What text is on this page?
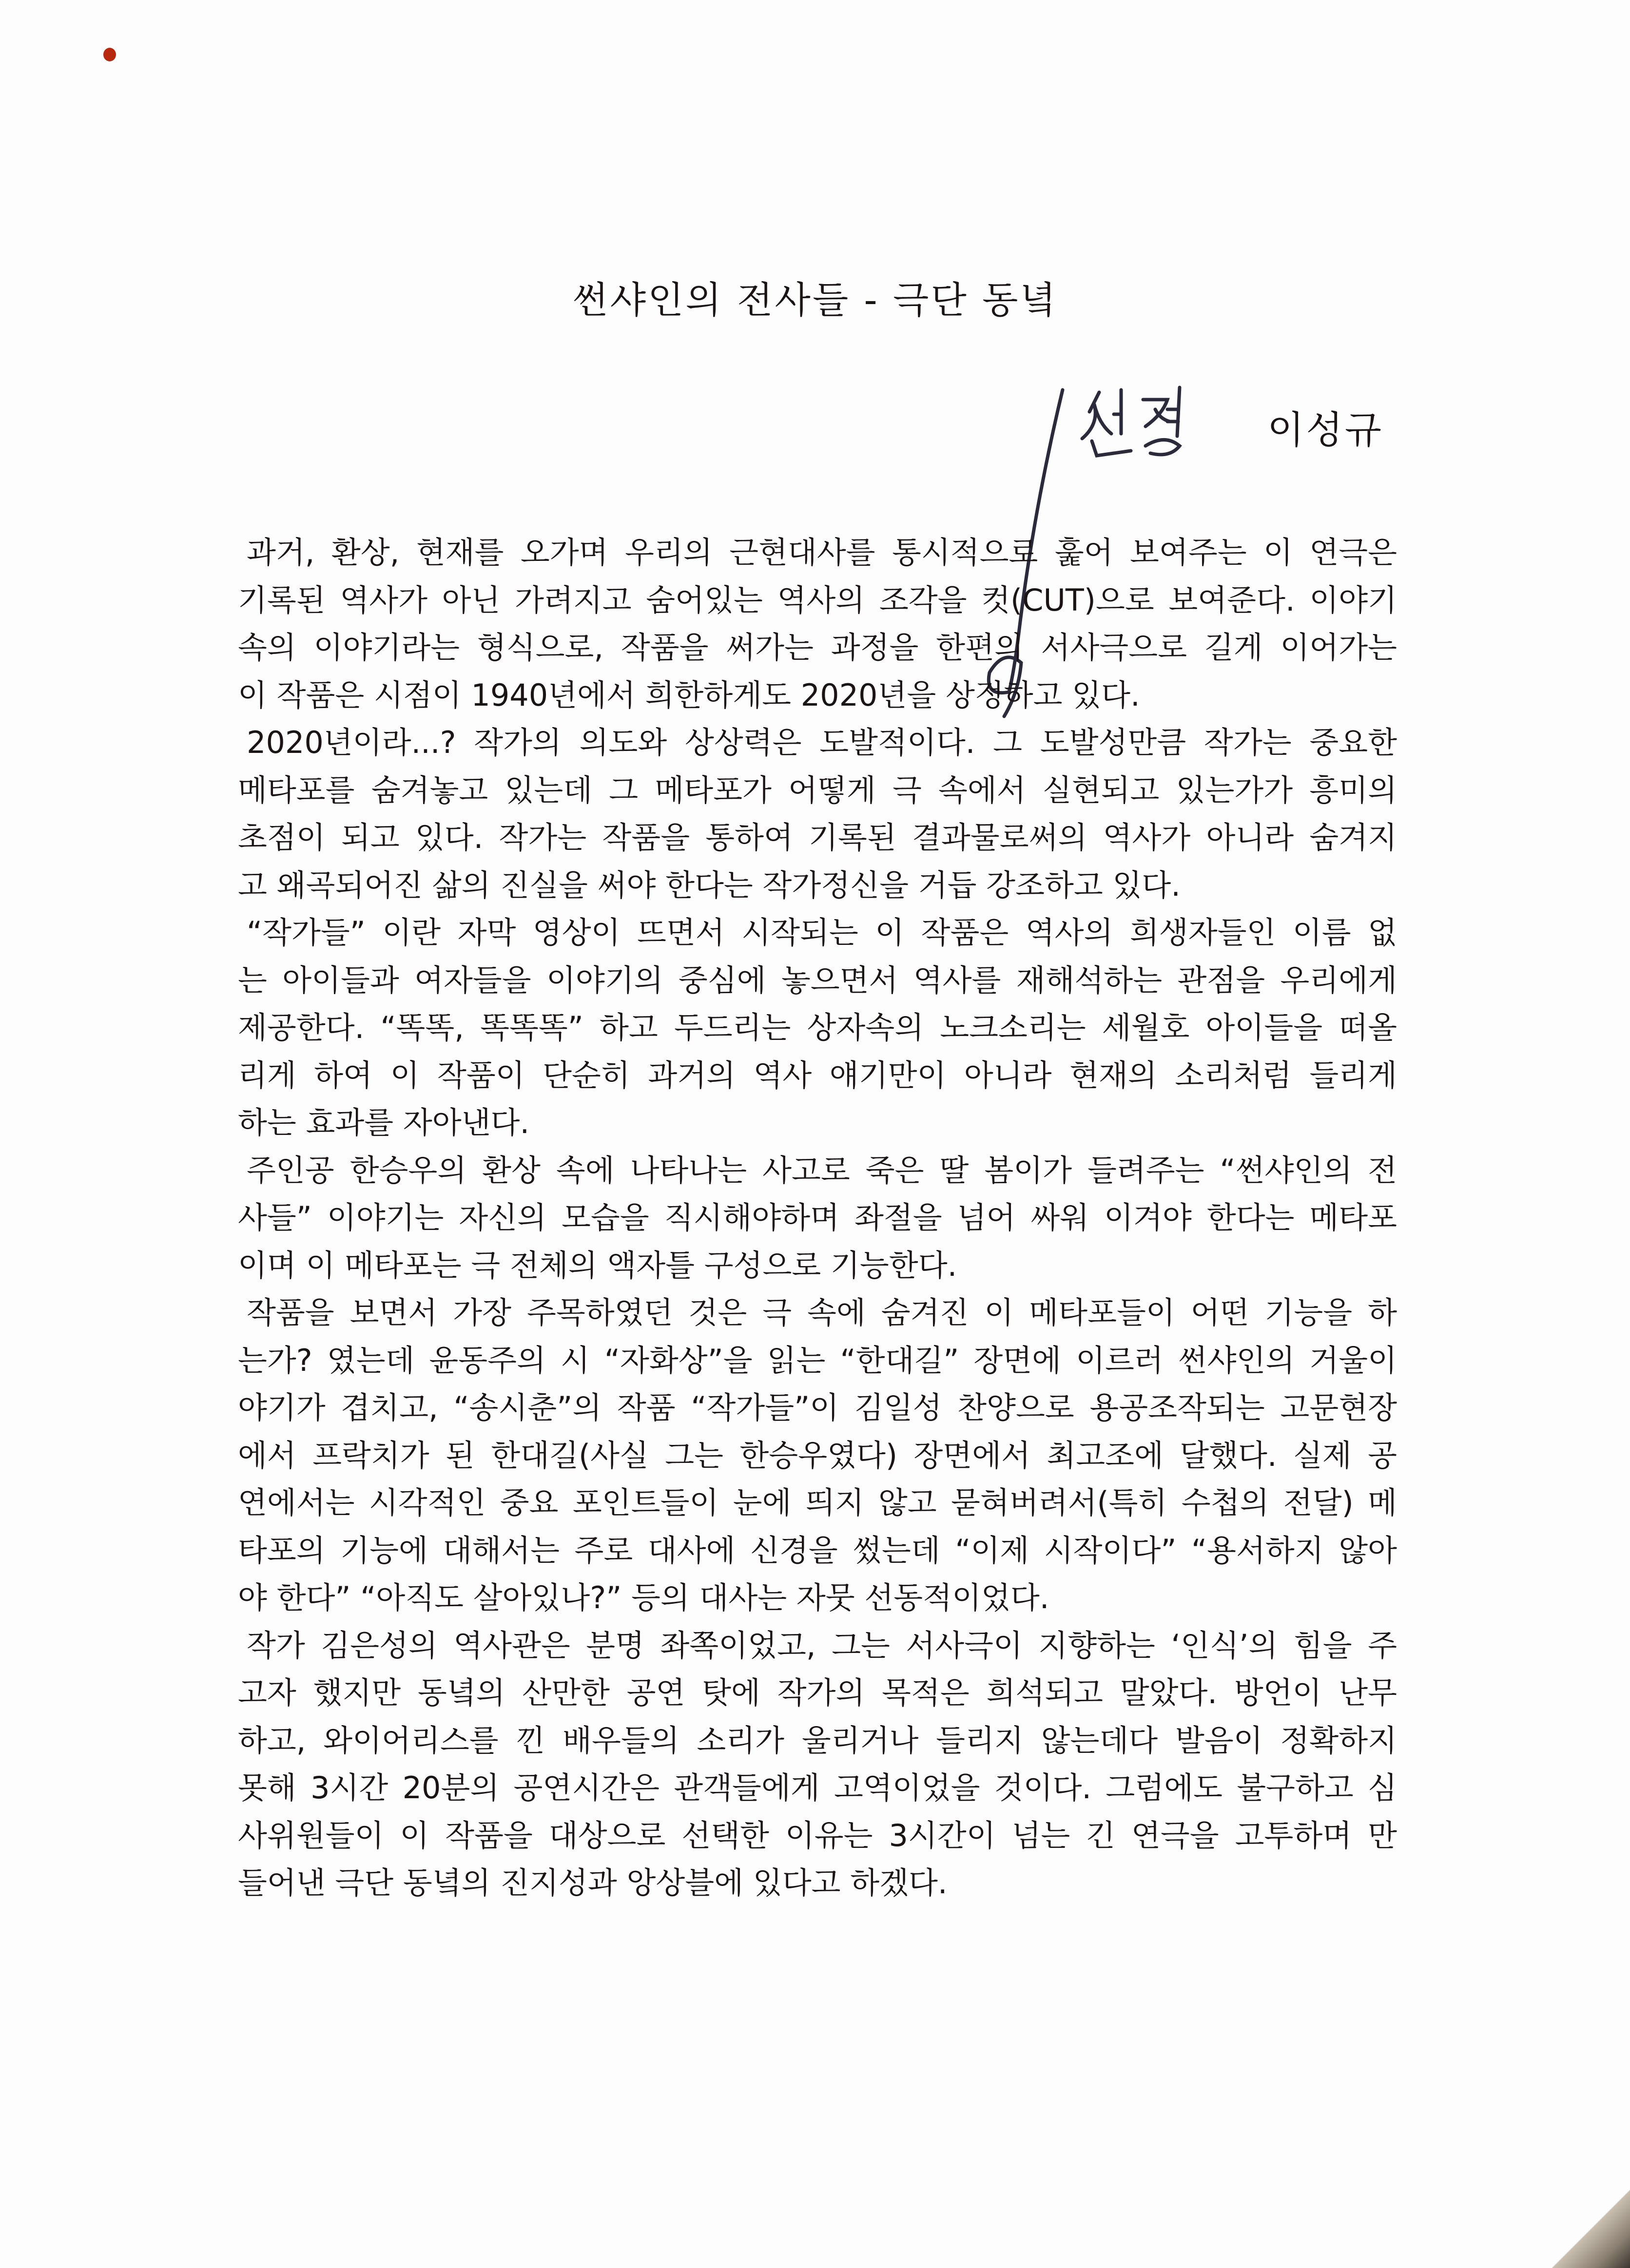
썬샤인의 전사들 - 극단 동녘
이성규
과거, 환상, 현재를 오가며 우리의 근현대사를 통시적으로 훑어 보여주는 이 연극은
기록된 역사가 아닌 가려지고 숨어있는 역사의 조각을 컷(CUT)으로 보여준다. 이야기
속의 이야기라는 형식으로, 작품을 써가는 과정을 한편의 서사극으로 길게 이어가는
이 작품은 시점이 1940년에서 희한하게도 2020년을 상정하고 있다.
2020년이라...? 작가의 의도와 상상력은 도발적이다. 그 도발성만큼 작가는 중요한
메타포를 숨겨놓고 있는데 그 메타포가 어떻게 극 속에서 실현되고 있는가가 흥미의
초점이 되고 있다. 작가는 작품을 통하여 기록된 결과물로써의 역사가 아니라 숨겨지
고 왜곡되어진 삶의 진실을 써야 한다는 작가정신을 거듭 강조하고 있다.
“작가들” 이란 자막 영상이 뜨면서 시작되는 이 작품은 역사의 희생자들인 이름 없
는 아이들과 여자들을 이야기의 중심에 놓으면서 역사를 재해석하는 관점을 우리에게
제공한다. “똑똑, 똑똑똑” 하고 두드리는 상자속의 노크소리는 세월호 아이들을 떠올
리게 하여 이 작품이 단순히 과거의 역사 얘기만이 아니라 현재의 소리처럼 들리게
하는 효과를 자아낸다.
주인공 한승우의 환상 속에 나타나는 사고로 죽은 딸 봄이가 들려주는 “썬샤인의 전
사들” 이야기는 자신의 모습을 직시해야하며 좌절을 넘어 싸워 이겨야 한다는 메타포
이며 이 메타포는 극 전체의 액자틀 구성으로 기능한다.
작품을 보면서 가장 주목하였던 것은 극 속에 숨겨진 이 메타포들이 어떤 기능을 하
는가? 였는데 윤동주의 시 “자화상”을 읽는 “한대길” 장면에 이르러 썬샤인의 거울이
야기가 겹치고, “송시춘”의 작품 “작가들”이 김일성 찬양으로 용공조작되는 고문현장
에서 프락치가 된 한대길(사실 그는 한승우였다) 장면에서 최고조에 달했다. 실제 공
연에서는 시각적인 중요 포인트들이 눈에 띄지 않고 묻혀버려서(특히 수첩의 전달) 메
타포의 기능에 대해서는 주로 대사에 신경을 썼는데 “이제 시작이다” “용서하지 않아
야 한다” “아직도 살아있나?” 등의 대사는 자뭇 선동적이었다.
작가 김은성의 역사관은 분명 좌쪽이었고, 그는 서사극이 지향하는 ‘인식’의 힘을 주
고자 했지만 동녘의 산만한 공연 탓에 작가의 목적은 희석되고 말았다. 방언이 난무
하고, 와이어리스를 낀 배우들의 소리가 울리거나 들리지 않는데다 발음이 정확하지
못해 3시간 20분의 공연시간은 관객들에게 고역이었을 것이다. 그럼에도 불구하고 심
사위원들이 이 작품을 대상으로 선택한 이유는 3시간이 넘는 긴 연극을 고투하며 만
들어낸 극단 동녘의 진지성과 앙상블에 있다고 하겠다.
